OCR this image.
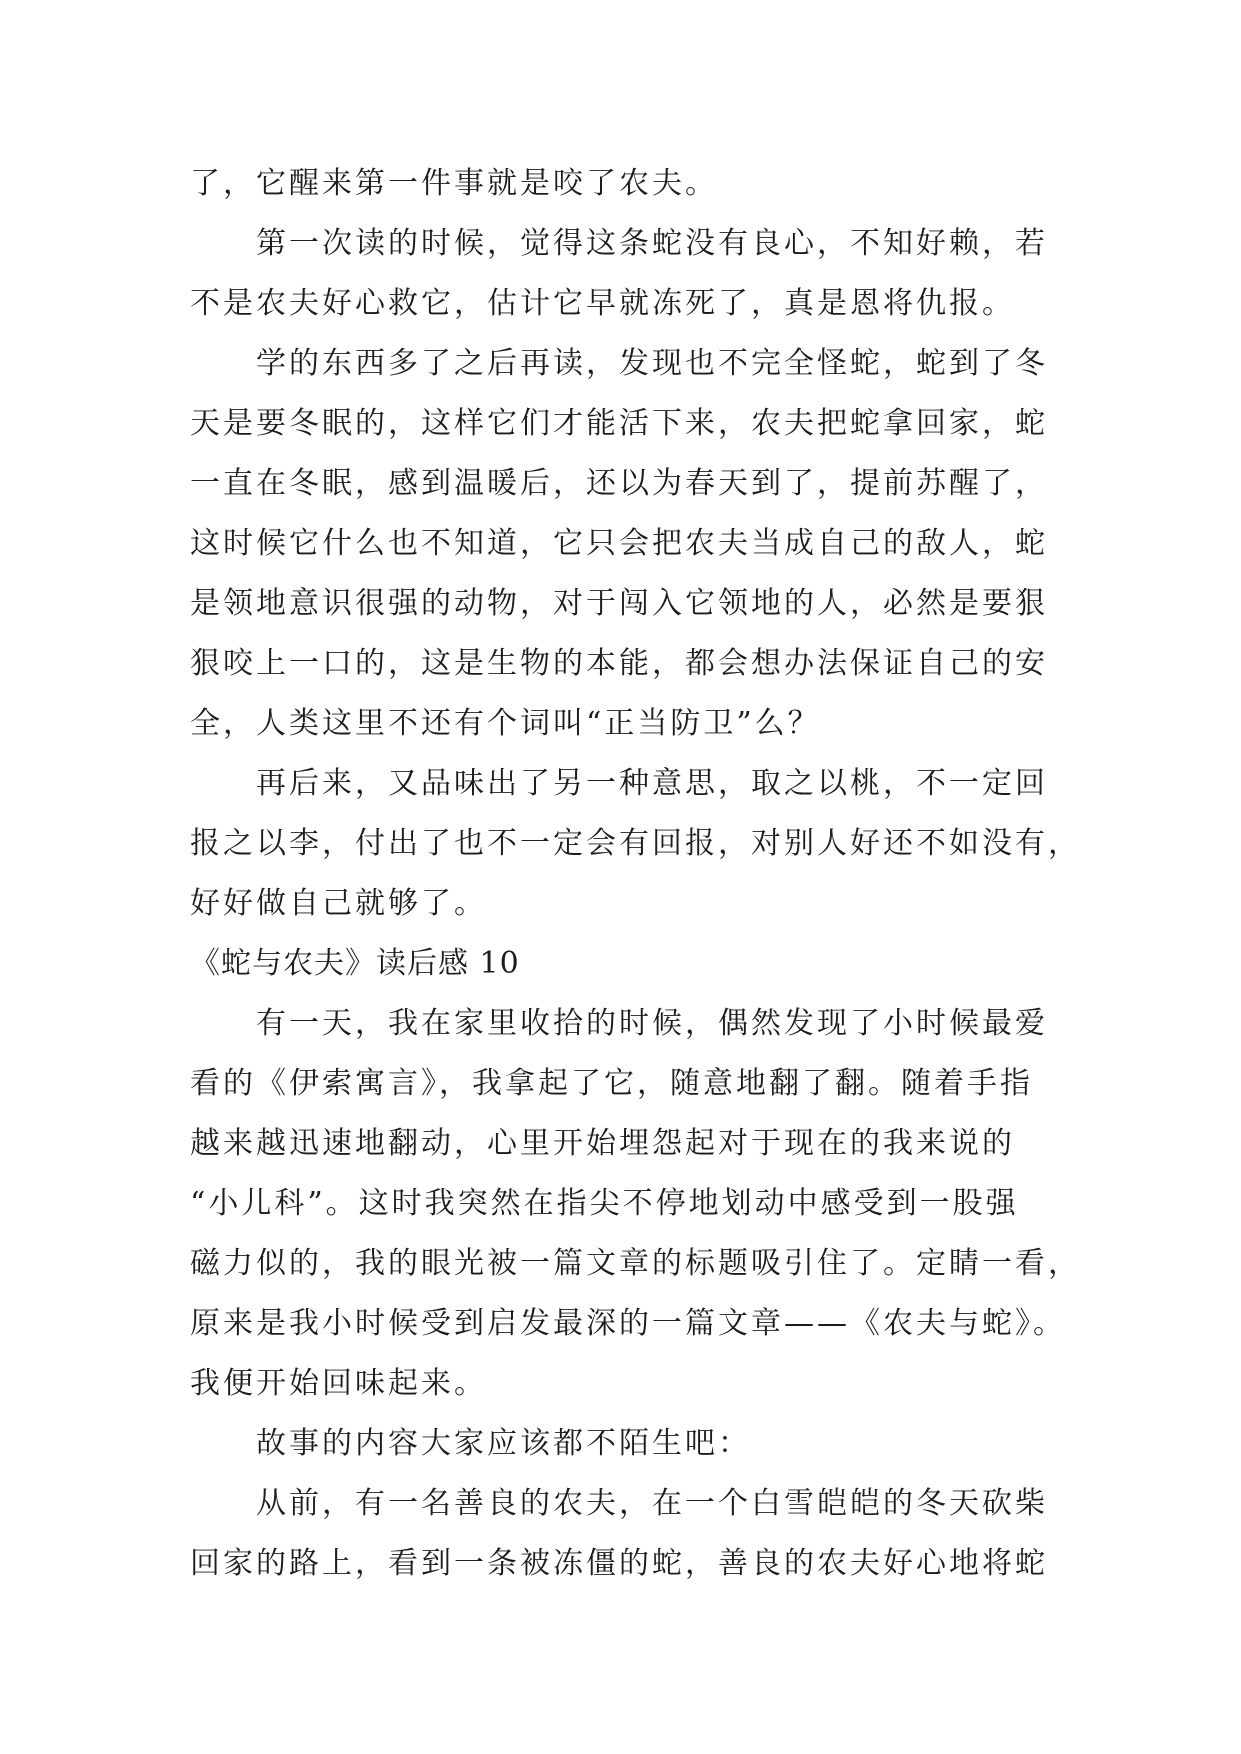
了，它醒来第一件事就是咬了农夫。
第一次读的时候，觉得这条蛇没有良心，不知好赖，若
不是农夫好心救它，估计它早就冻死了，真是恩将仇报。
学的东西多了之后再读，发现也不完全怪蛇，蛇到了冬
天是要冬眠的，这样它们才能活下来，农夫把蛇拿回家，蛇
一直在冬眠，感到温暖后，还以为春天到了，提前苏醒了，
这时候它什么也不知道，它只会把农夫当成自己的敌人，蛇
是领地意识很强的动物，对于闯入它领地的人，必然是要狠
狠咬上一口的，这是生物的本能，都会想办法保证自己的安
全，人类这里不还有个词叫“正当防卫”么？
再后来，又品味出了另一种意思，取之以桃，不一定回
报之以李，付出了也不一定会有回报，对别人好还不如没有，
好好做自己就够了。
《蛇与农夫》读后感 10
有一天，我在家里收拾的时候，偶然发现了小时候最爱
看的《伊索寓言》，我拿起了它，随意地翻了翻。随着手指
越来越迅速地翻动，心里开始埋怨起对于现在的我来说的
“小儿科”。这时我突然在指尖不停地划动中感受到一股强
磁力似的，我的眼光被一篇文章的标题吸引住了。定睛一看，
原来是我小时候受到启发最深的一篇文章——《农夫与蛇》。
我便开始回味起来。
故事的内容大家应该都不陌生吧：
从前，有一名善良的农夫，在一个白雪皑皑的冬天砍柴
回家的路上，看到一条被冻僵的蛇，善良的农夫好心地将蛇
